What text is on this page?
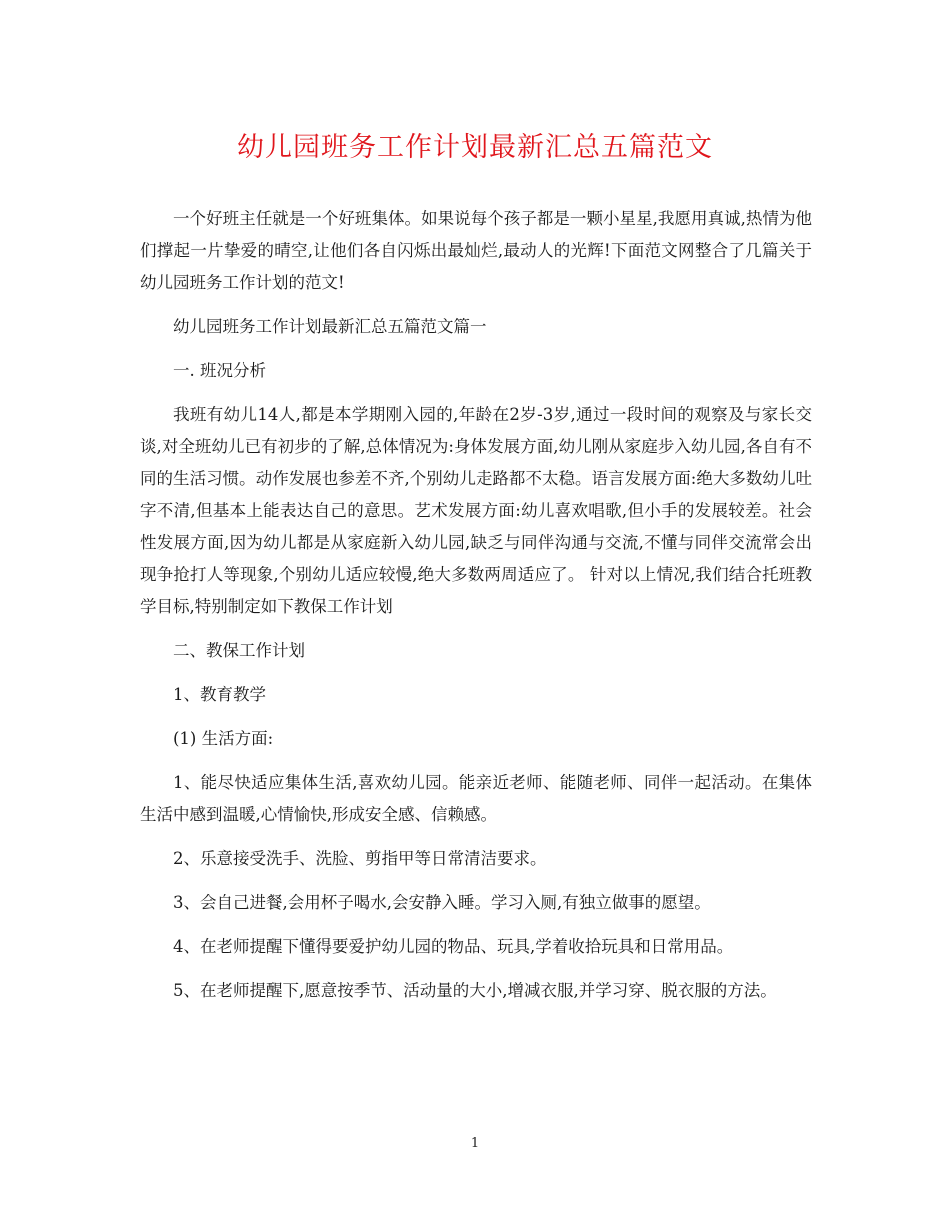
幼儿园班务工作计划最新汇总五篇范文

一个好班主任就是一个好班集体。如果说每个孩子都是一颗小星星,我愿用真诚,热情为他们撑起一片挚爱的晴空,让他们各自闪烁出最灿烂,最动人的光辉!下面范文网整合了几篇关于幼儿园班务工作计划的范文!

幼儿园班务工作计划最新汇总五篇范文篇一

一. 班况分析

我班有幼儿14人,都是本学期刚入园的,年龄在2岁-3岁,通过一段时间的观察及与家长交谈,对全班幼儿已有初步的了解,总体情况为:身体发展方面,幼儿刚从家庭步入幼儿园,各自有不同的生活习惯。动作发展也参差不齐,个别幼儿走路都不太稳。语言发展方面:绝大多数幼儿吐字不清,但基本上能表达自己的意思。艺术发展方面:幼儿喜欢唱歌,但小手的发展较差。社会性发展方面,因为幼儿都是从家庭新入幼儿园,缺乏与同伴沟通与交流,不懂与同伴交流常会出现争抢打人等现象,个别幼儿适应较慢,绝大多数两周适应了。 针对以上情况,我们结合托班教学目标,特别制定如下教保工作计划

二、教保工作计划

1、教育教学

(1) 生活方面:

1、能尽快适应集体生活,喜欢幼儿园。能亲近老师、能随老师、同伴一起活动。在集体生活中感到温暖,心情愉快,形成安全感、信赖感。

2、乐意接受洗手、洗脸、剪指甲等日常清洁要求。

3、会自己进餐,会用杯子喝水,会安静入睡。学习入厕,有独立做事的愿望。

4、在老师提醒下懂得要爱护幼儿园的物品、玩具,学着收拾玩具和日常用品。

5、在老师提醒下,愿意按季节、活动量的大小,增减衣服,并学习穿、脱衣服的方法。

1
